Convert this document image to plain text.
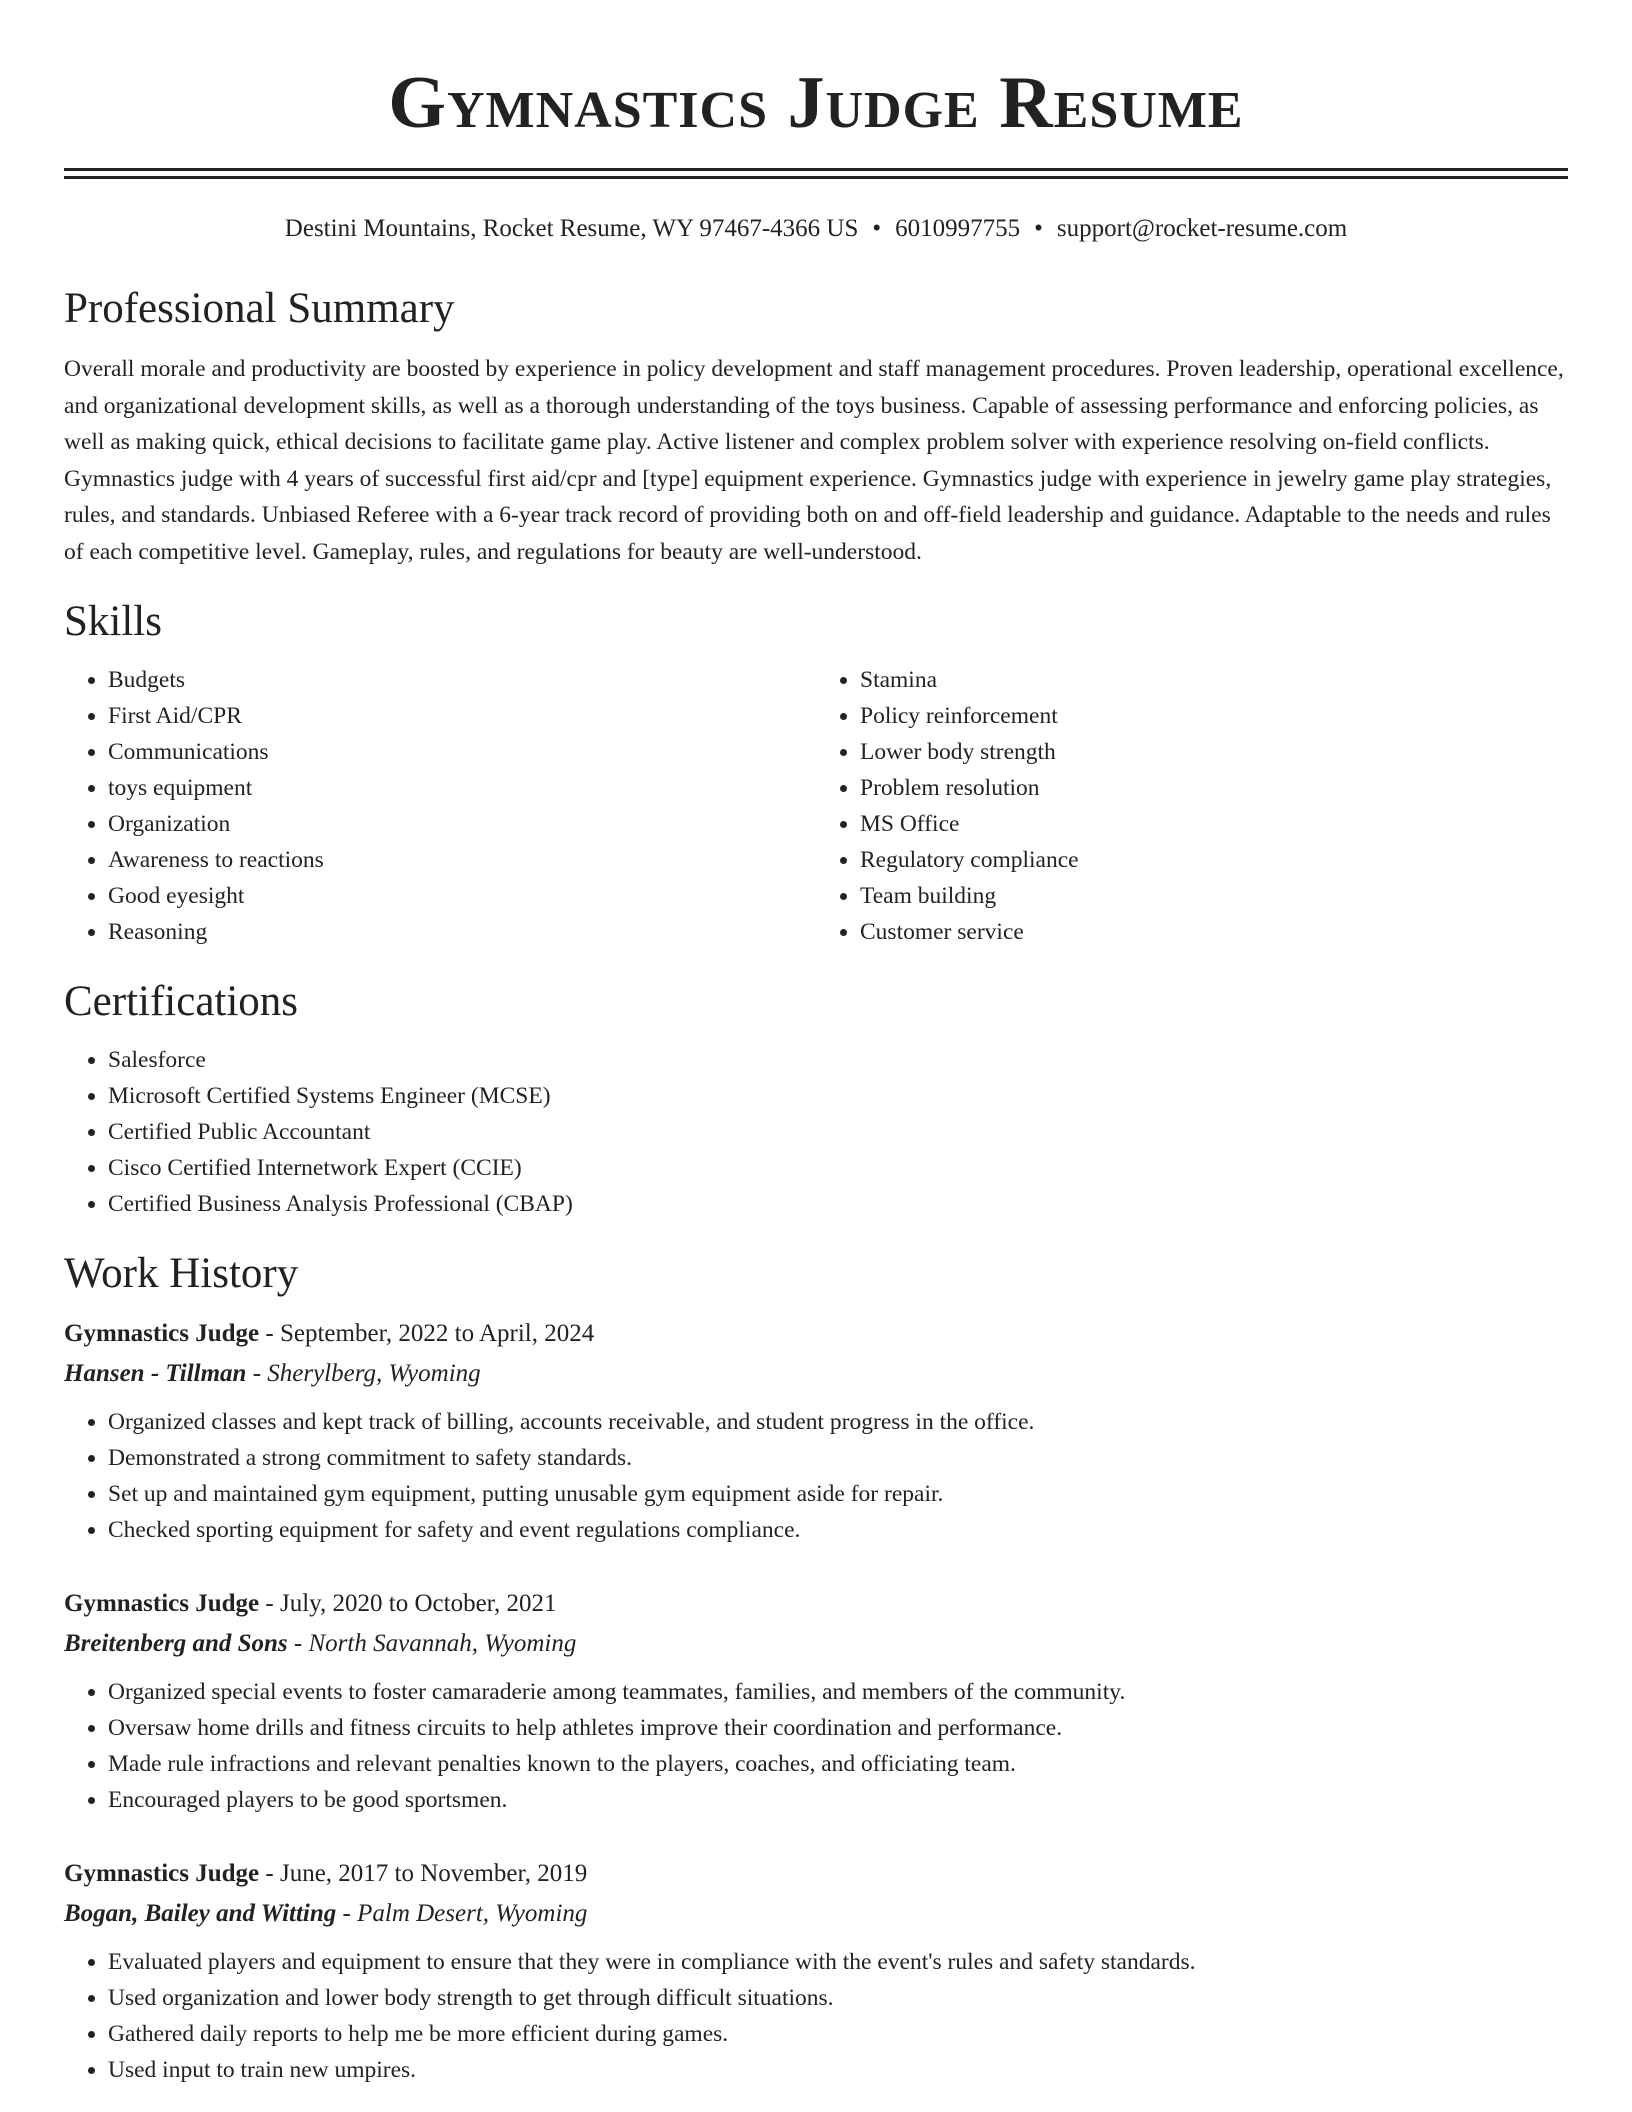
Gymnastics Judge Resume
Destini Mountains, Rocket Resume, WY 97467-4366 US • 6010997755 • support@rocket-resume.com
Professional Summary

Overall morale and productivity are boosted by experience in policy development and staff management procedures. Proven leadership, operational excellence, and organizational development skills, as well as a thorough understanding of the toys business. Capable of assessing performance and enforcing policies, as well as making quick, ethical decisions to facilitate game play. Active listener and complex problem solver with experience resolving on-field conflicts. Gymnastics judge with 4 years of successful first aid/cpr and [type] equipment experience. Gymnastics judge with experience in jewelry game play strategies, rules, and standards. Unbiased Referee with a 6-year track record of providing both on and off-field leadership and guidance. Adaptable to the needs and rules of each competitive level. Gameplay, rules, and regulations for beauty are well-understood.

Skills
• Budgets
• First Aid/CPR
• Communications
• toys equipment
• Organization
• Awareness to reactions
• Good eyesight
• Reasoning
• Stamina
• Policy reinforcement
• Lower body strength
• Problem resolution
• MS Office
• Regulatory compliance
• Team building
• Customer service
Certifications
• Salesforce
• Microsoft Certified Systems Engineer (MCSE)
• Certified Public Accountant
• Cisco Certified Internetwork Expert (CCIE)
• Certified Business Analysis Professional (CBAP)
Work History
Gymnastics Judge - September, 2022 to April, 2024
Hansen - Tillman - Sherylberg, Wyoming
• Organized classes and kept track of billing, accounts receivable, and student progress in the office.
• Demonstrated a strong commitment to safety standards.
• Set up and maintained gym equipment, putting unusable gym equipment aside for repair.
• Checked sporting equipment for safety and event regulations compliance.
Gymnastics Judge - July, 2020 to October, 2021
Breitenberg and Sons - North Savannah, Wyoming
• Organized special events to foster camaraderie among teammates, families, and members of the community.
• Oversaw home drills and fitness circuits to help athletes improve their coordination and performance.
• Made rule infractions and relevant penalties known to the players, coaches, and officiating team.
• Encouraged players to be good sportsmen.
Gymnastics Judge - June, 2017 to November, 2019
Bogan, Bailey and Witting - Palm Desert, Wyoming
• Evaluated players and equipment to ensure that they were in compliance with the event's rules and safety standards.
• Used organization and lower body strength to get through difficult situations.
• Gathered daily reports to help me be more efficient during games.
• Used input to train new umpires.
